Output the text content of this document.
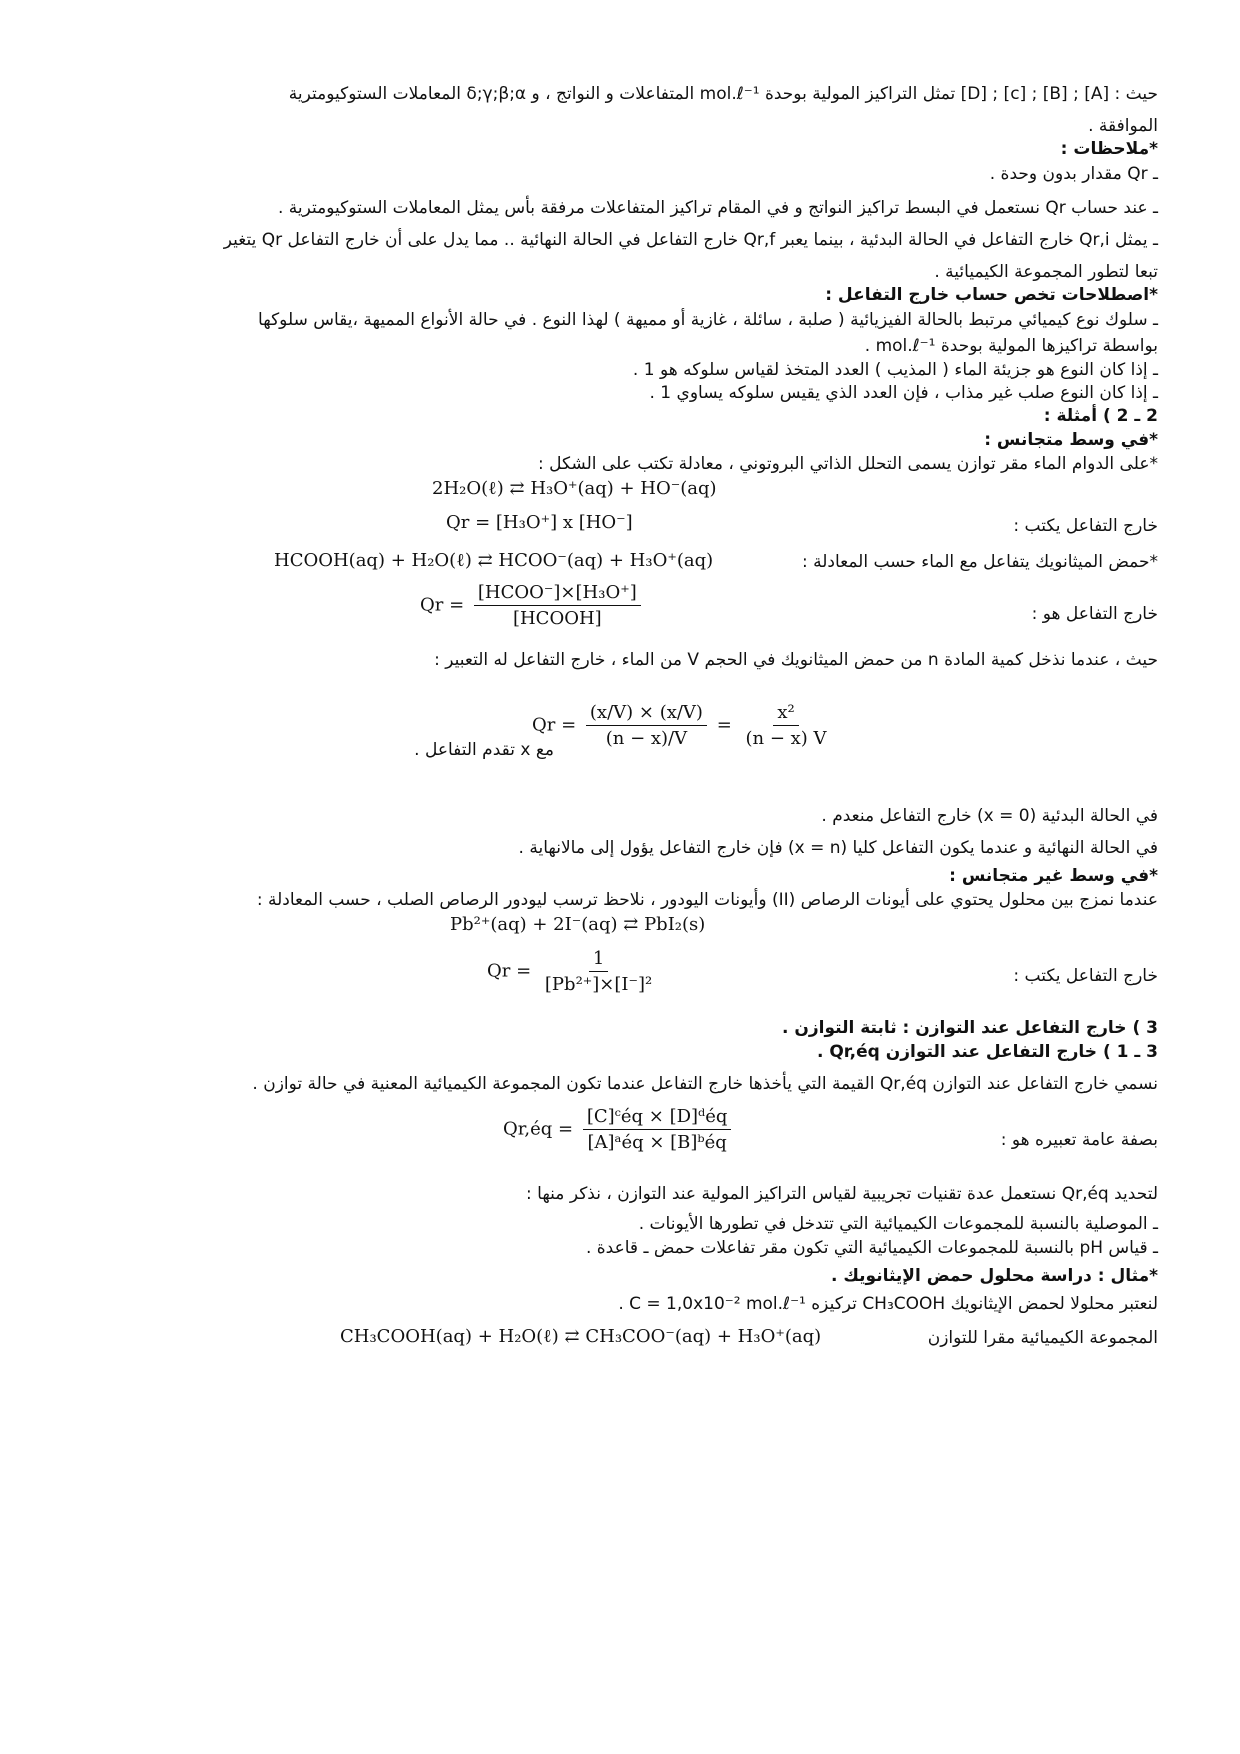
حيث : [A] ; [B] ; [c] ; [D] تمثل التراكيز المولية بوحدة mol.ℓ⁻¹ المتفاعلات و النواتج ، و δ;γ;β;α المعاملات الستوكيومترية
الموافقة .
*ملاحظات :
ـ Qr مقدار بدون وحدة .
ـ عند حساب Qr نستعمل في البسط تراكيز النواتج و في المقام تراكيز المتفاعلات مرفقة بأس يمثل المعاملات الستوكيومترية .
ـ يمثل Qr,i خارج التفاعل في الحالة البدئية ، بينما يعبر Qr,f خارج التفاعل في الحالة النهائية .. مما يدل على أن خارج التفاعل Qr يتغير
تبعا لتطور المجموعة الكيميائية .
*اصطلاحات تخص حساب خارج التفاعل :
ـ سلوك نوع كيميائي مرتبط بالحالة الفيزيائية ( صلبة ، سائلة ، غازية أو مميهة ) لهذا النوع . في حالة الأنواع المميهة ،يقاس سلوكها
بواسطة تراكيزها المولية بوحدة mol.ℓ⁻¹ .
ـ إذا كان النوع هو جزيئة الماء ( المذيب ) العدد المتخذ لقياس سلوكه هو 1 .
ـ إذا كان النوع صلب غير مذاب ، فإن العدد الذي يقيس سلوكه يساوي 1 .
2 ـ 2 ) أمثلة :
*في وسط متجانس :
*على الدوام الماء مقر توازن يسمى التحلل الذاتي البروتوني ، معادلة تكتب على الشكل :
2H₂O(ℓ) ⇄ H₃O⁺(aq) + HO⁻(aq)
خارج التفاعل يكتب :
Qr = [H₃O⁺] x [HO⁻]
*حمض الميثانويك يتفاعل مع الماء حسب المعادلة :
HCOOH(aq) + H₂O(ℓ) ⇄ HCOO⁻(aq) + H₃O⁺(aq)
خارج التفاعل هو :
$Qr = \frac{\text{[HCOO⁻]×[H₃O⁺]}}{\text{[HCOOH]}}$
حيث ، عندما نذخل كمية المادة n من حمض الميثانويك في الحجم V من الماء ، خارج التفاعل له التعبير :
مع x تقدم التفاعل .
$Qr = \frac{(x/V) \times (x/V)}{(n - x)/V} = \frac{\text{x²}}{(n - x) V}$
في الحالة البدئية (x = 0) خارج التفاعل منعدم .
في الحالة النهائية و عندما يكون التفاعل كليا (x = n) فإن خارج التفاعل يؤول إلى مالانهاية .
*في وسط غير متجانس :
عندما نمزج بين محلول يحتوي على أيونات الرصاص (II) وأيونات اليودور ، نلاحظ ترسب ليودور الرصاص الصلب ، حسب المعادلة :
Pb²⁺(aq) + 2I⁻(aq) ⇄ PbI₂(s)
خارج التفاعل يكتب :
$Qr = \frac{1}{\text{[Pb²⁺]×[I⁻]²}}$
3 ) خارج التفاعل عند التوازن : ثابتة التوازن .
3 ـ 1 ) خارج التفاعل عند التوازن Qr,éq .
نسمي خارج التفاعل عند التوازن Qr,éq القيمة التي يأخذها خارج التفاعل عندما تكون المجموعة الكيميائية المعنية في حالة توازن .
بصفة عامة تعبيره هو :
Qr,éq = $\frac{\text{[C]ᶜéq × [D]ᵈéq}}{\text{[A]ᵃéq × [B]ᵇéq}}$
لتحديد Qr,éq نستعمل عدة تقنيات تجريبية لقياس التراكيز المولية عند التوازن ، نذكر منها :
ـ الموصلية بالنسبة للمجموعات الكيميائية التي تتدخل في تطورها الأيونات .
ـ قياس pH بالنسبة للمجموعات الكيميائية التي تكون مقر تفاعلات حمض ـ قاعدة .
*مثال : دراسة محلول حمض الإيثانويك .
لنعتبر محلولا لحمض الإيثانويك CH₃COOH تركيزه C = 1,0x10⁻² mol.ℓ⁻¹ .
المجموعة الكيميائية مقرا للتوازن
CH₃COOH(aq) + H₂O(ℓ) ⇄ CH₃COO⁻(aq) + H₃O⁺(aq)
